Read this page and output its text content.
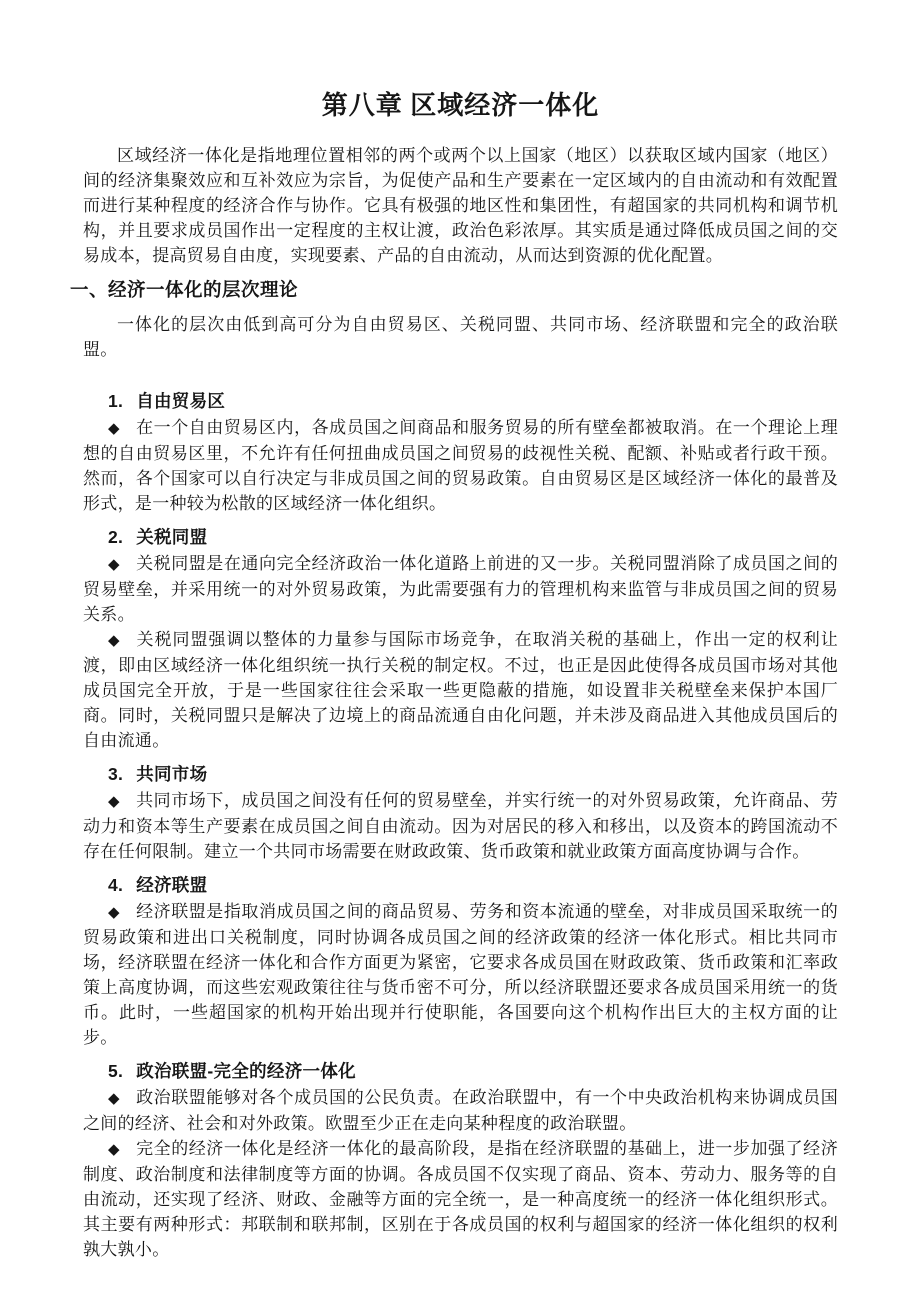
第八章 区域经济一体化

区域经济一体化是指地理位置相邻的两个或两个以上国家（地区）以获取区域内国家（地区）间的经济集聚效应和互补效应为宗旨，为促使产品和生产要素在一定区域内的自由流动和有效配置而进行某种程度的经济合作与协作。它具有极强的地区性和集团性，有超国家的共同机构和调节机构，并且要求成员国作出一定程度的主权让渡，政治色彩浓厚。其实质是通过降低成员国之间的交易成本，提高贸易自由度，实现要素、产品的自由流动，从而达到资源的优化配置。

一、经济一体化的层次理论

一体化的层次由低到高可分为自由贸易区、关税同盟、共同市场、经济联盟和完全的政治联盟。

1. 自由贸易区

◆ 在一个自由贸易区内，各成员国之间商品和服务贸易的所有壁垒都被取消。在一个理论上理想的自由贸易区里，不允许有任何扭曲成员国之间贸易的歧视性关税、配额、补贴或者行政干预。然而，各个国家可以自行决定与非成员国之间的贸易政策。自由贸易区是区域经济一体化的最普及形式，是一种较为松散的区域经济一体化组织。

2. 关税同盟

◆ 关税同盟是在通向完全经济政治一体化道路上前进的又一步。关税同盟消除了成员国之间的贸易壁垒，并采用统一的对外贸易政策，为此需要强有力的管理机构来监管与非成员国之间的贸易关系。

◆ 关税同盟强调以整体的力量参与国际市场竞争，在取消关税的基础上，作出一定的权利让渡，即由区域经济一体化组织统一执行关税的制定权。不过，也正是因此使得各成员国市场对其他成员国完全开放，于是一些国家往往会采取一些更隐蔽的措施，如设置非关税壁垒来保护本国厂商。同时，关税同盟只是解决了边境上的商品流通自由化问题，并未涉及商品进入其他成员国后的自由流通。

3. 共同市场

◆ 共同市场下，成员国之间没有任何的贸易壁垒，并实行统一的对外贸易政策，允许商品、劳动力和资本等生产要素在成员国之间自由流动。因为对居民的移入和移出，以及资本的跨国流动不存在任何限制。建立一个共同市场需要在财政政策、货币政策和就业政策方面高度协调与合作。

4. 经济联盟

◆ 经济联盟是指取消成员国之间的商品贸易、劳务和资本流通的壁垒，对非成员国采取统一的贸易政策和进出口关税制度，同时协调各成员国之间的经济政策的经济一体化形式。相比共同市场，经济联盟在经济一体化和合作方面更为紧密，它要求各成员国在财政政策、货币政策和汇率政策上高度协调，而这些宏观政策往往与货币密不可分，所以经济联盟还要求各成员国采用统一的货币。此时，一些超国家的机构开始出现并行使职能，各国要向这个机构作出巨大的主权方面的让步。

5. 政治联盟-完全的经济一体化

◆ 政治联盟能够对各个成员国的公民负责。在政治联盟中，有一个中央政治机构来协调成员国之间的经济、社会和对外政策。欧盟至少正在走向某种程度的政治联盟。

◆ 完全的经济一体化是经济一体化的最高阶段，是指在经济联盟的基础上，进一步加强了经济制度、政治制度和法律制度等方面的协调。各成员国不仅实现了商品、资本、劳动力、服务等的自由流动，还实现了经济、财政、金融等方面的完全统一，是一种高度统一的经济一体化组织形式。其主要有两种形式：邦联制和联邦制，区别在于各成员国的权利与超国家的经济一体化组织的权利孰大孰小。
